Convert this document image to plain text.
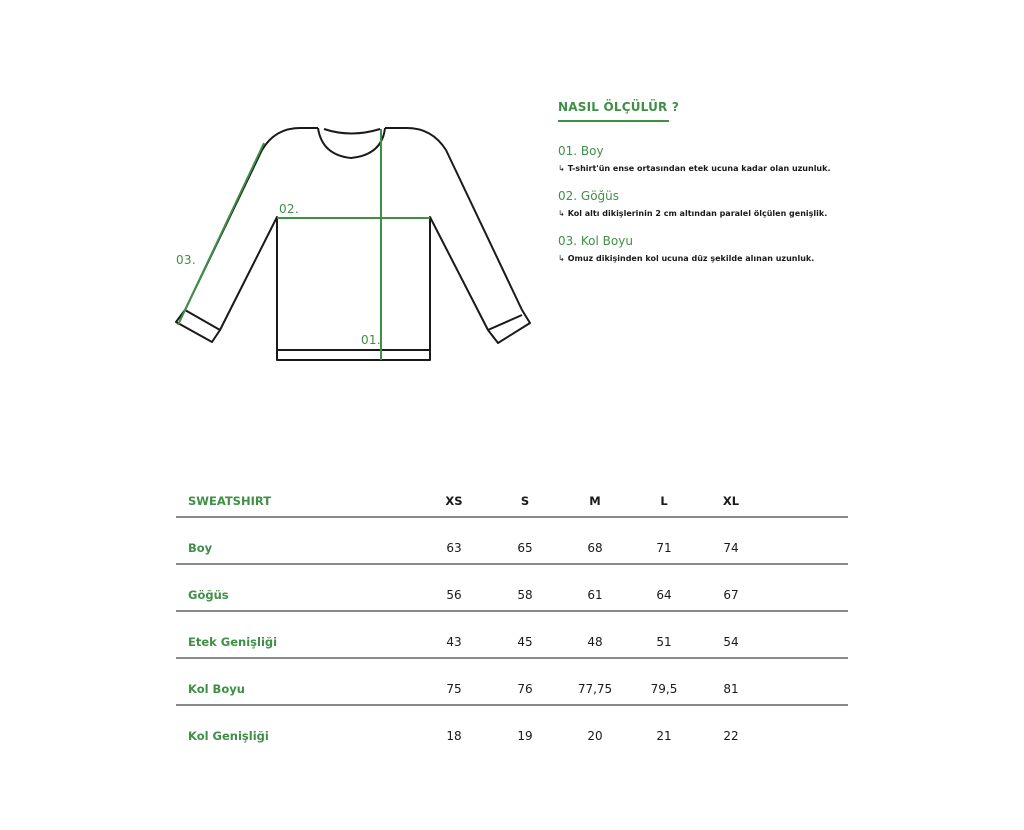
01.
02.
03.
NASIL ÖLÇÜLÜR ?
01. Boy
↳ T-shirt'ün ense ortasından etek ucuna kadar olan uzunluk.
02. Göğüs
↳ Kol altı dikişlerinin 2 cm altından paralel ölçülen genişlik.
03. Kol Boyu
↳ Omuz dikişinden kol ucuna düz şekilde alınan uzunluk.
SWEATSHIRT	XS	S	M	L	XL
Boy	63	65	68	71	74
Göğüs	56	58	61	64	67
Etek Genişliği	43	45	48	51	54
Kol Boyu	75	76	77,75	79,5	81
Kol Genişliği	18	19	20	21	22
